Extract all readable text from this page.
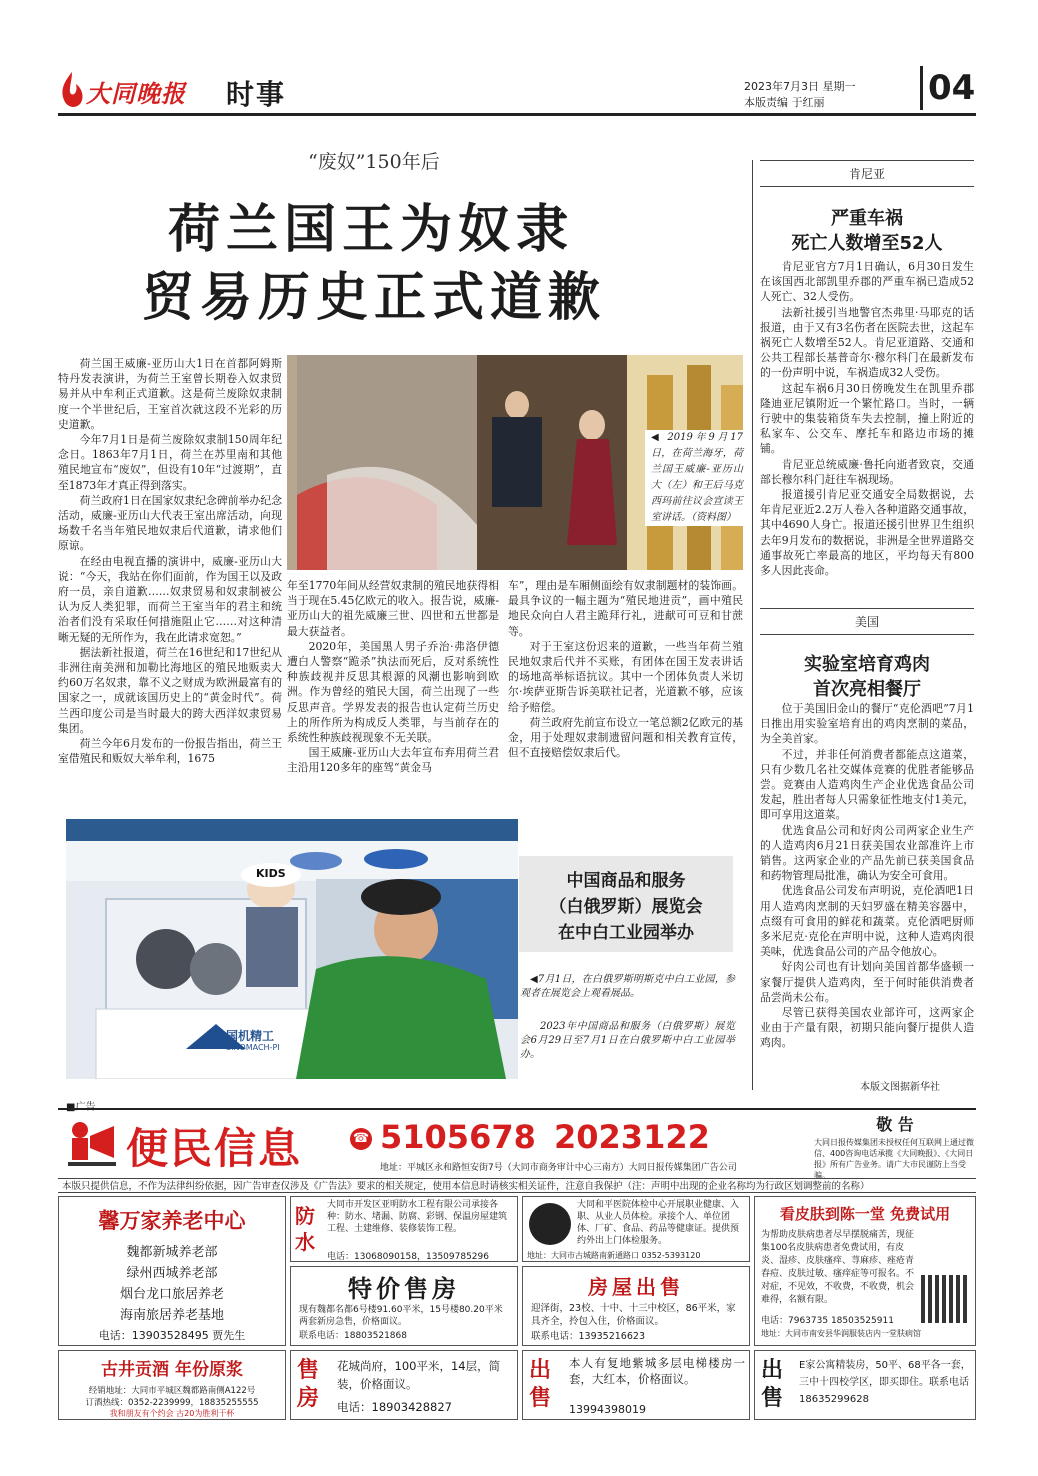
大同晚报 时事	2023年7月3日 星期一
本版责编 于红丽	04
“废奴”150年后
荷兰国王为奴隶
贸易历史正式道歉
◀ 2019年9月17日，在荷兰海牙，荷兰国王威廉-亚历山大（左）和王后马克西玛前往议会宣读王室讲话。（资料图）

荷兰国王威廉-亚历山大1日在首都阿姆斯特丹发表演讲，为荷兰王室曾长期卷入奴隶贸易并从中牟利正式道歉。这是荷兰废除奴隶制度一个半世纪后，王室首次就这段不光彩的历史道歉。

今年7月1日是荷兰废除奴隶制150周年纪念日。1863年7月1日，荷兰在苏里南和其他殖民地宣布“废奴”，但设有10年“过渡期”，直至1873年才真正得到落实。

荷兰政府1日在国家奴隶纪念碑前举办纪念活动，威廉-亚历山大代表王室出席活动，向现场数千名当年殖民地奴隶后代道歉，请求他们原谅。

在经由电视直播的演讲中，威廉-亚历山大说：“今天，我站在你们面前，作为国王以及政府一员，亲自道歉……奴隶贸易和奴隶制被公认为反人类犯罪，而荷兰王室当年的君主和统治者们没有采取任何措施阻止它……对这种清晰无疑的无所作为，我在此请求宽恕。”

据法新社报道，荷兰在16世纪和17世纪从非洲往南美洲和加勒比海地区的殖民地贩卖大约60万名奴隶，靠不义之财成为欧洲最富有的国家之一，成就该国历史上的“黄金时代”。荷兰西印度公司是当时最大的跨大西洋奴隶贸易集团。

荷兰今年6月发布的一份报告指出，荷兰王室借殖民和贩奴大举牟利，1675

年至1770年间从经营奴隶制的殖民地获得相当于现在5.45亿欧元的收入。报告说，威廉-亚历山大的祖先威廉三世、四世和五世都是最大获益者。

2020年，美国黑人男子乔治·弗洛伊德遭白人警察“跪杀”执法而死后，反对系统性种族歧视并反思其根源的风潮也影响到欧洲。作为曾经的殖民大国，荷兰出现了一些反思声音。学界发表的报告也认定荷兰历史上的所作所为构成反人类罪，与当前存在的系统性种族歧视现象不无关联。

国王威廉-亚历山大去年宣布弃用荷兰君主沿用120多年的座驾“黄金马

车”，理由是车厢侧面绘有奴隶制题材的装饰画。最具争议的一幅主题为“殖民地进贡”，画中殖民地民众向白人君主跪拜行礼，进献可可豆和甘蔗等。

对于王室这份迟来的道歉，一些当年荷兰殖民地奴隶后代并不买账，有团体在国王发表讲话的场地高举标语抗议。其中一个团体负责人米切尔·埃萨亚斯告诉美联社记者，光道歉不够，应该给予赔偿。

荷兰政府先前宣布设立一笔总额2亿欧元的基金，用于处理奴隶制遗留问题和相关教育宣传，但不直接赔偿奴隶后代。

国机精工
SINOMACH-PI
KIDS	中国商品和服务
（白俄罗斯）展览会
在中白工业园举办
◀7月1日，在白俄罗斯明斯克中白工业园，参观者在展览会上观看展品。
2023年中国商品和服务（白俄罗斯）展览会6月29日至7月1日在白俄罗斯中白工业园举办。
肯尼亚
严重车祸
死亡人数增至52人

肯尼亚官方7月1日确认，6月30日发生在该国西北部凯里乔郡的严重车祸已造成52人死亡、32人受伤。

法新社援引当地警官杰弗里·马耶克的话报道，由于又有3名伤者在医院去世，这起车祸死亡人数增至52人。肯尼亚道路、交通和公共工程部长基普奇尔·穆尔科门在最新发布的一份声明中说，车祸造成32人受伤。

这起车祸6月30日傍晚发生在凯里乔郡隆迪亚尼镇附近一个繁忙路口。当时，一辆行驶中的集装箱货车失去控制，撞上附近的私家车、公交车、摩托车和路边市场的摊铺。

肯尼亚总统威廉·鲁托向逝者致哀，交通部长穆尔科门赶往车祸现场。

报道援引肯尼亚交通安全局数据说，去年肯尼亚近2.2万人卷入各种道路交通事故，其中4690人身亡。报道还援引世界卫生组织去年9月发布的数据说，非洲是全世界道路交通事故死亡率最高的地区，平均每天有800多人因此丧命。

美国
实验室培育鸡肉
首次亮相餐厅

位于美国旧金山的餐厅“克伦酒吧”7月1日推出用实验室培育出的鸡肉烹制的菜品，为全美首家。

不过，并非任何消费者都能点这道菜，只有少数几名社交媒体竞赛的优胜者能够品尝。竞赛由人造鸡肉生产企业优选食品公司发起，胜出者每人只需象征性地支付1美元，即可享用这道菜。

优选食品公司和好肉公司两家企业生产的人造鸡肉6月21日获美国农业部准许上市销售。这两家企业的产品先前已获美国食品和药物管理局批准，确认为安全可食用。

优选食品公司发布声明说，克伦酒吧1日用人造鸡肉烹制的天妇罗盛在精美容器中，点缀有可食用的鲜花和蔬菜。克伦酒吧厨师多米尼克·克伦在声明中说，这种人造鸡肉很美味，优选食品公司的产品令他放心。

好肉公司也有计划向美国首都华盛顿一家餐厅提供人造鸡肉，至于何时能供消费者品尝尚未公布。

尽管已获得美国农业部许可，这两家企业由于产量有限，初期只能向餐厅提供人造鸡肉。

本版文图据新华社
便民信息	☎ 5105678 2023122
地址：平城区永和路恒安街7号（大同市商务审计中心三南方）大同日报传媒集团广告公司
敬 告
大同日报传媒集团未授权任何互联网上通过微信、400咨询电话承揽《大同晚报》、《大同日报》所有广告业务。请广大市民谨防上当受骗。
本版只提供信息，不作为法律纠纷依据，因广告审查仅涉及《广告法》要求的相关规定，使用本信息时请核实相关证件，注意自我保护（注：声明中出现的企业名称均为行政区划调整前的名称）
馨万家养老中心
魏都新城养老部
绿州西城养老部
烟台龙口旅居养老
海南旅居养老基地
电话：13903528495 贾先生
防
水
大同市开发区亚明防水工程有限公司承接各种：防水、堵漏、防腐、彩钢、保温房屋建筑工程、土建维修、装修装饰工程。
电话：13068090158，13509785296
大同和平医院体检中心开展职业健康、入职、从业人员体检。承接个人、单位团体、厂矿、食品、药品等健康证。提供预约外出上门体检服务。
地址：大同市古城路南新通路口 0352-5393120
看皮肤到陈一堂 免费试用
为帮助皮肤病患者尽早摆脱痛苦，现征集100名皮肤病患者免费试用，有皮炎、湿疹、皮肤瘙痒、荨麻疹、痤疮青春痘、皮肤过敏、瘙痒症等可报名。不对症，不见效，不收费，不收费，机会难得，名额有限。
电话：7963735 18503525911
地址：大同市南安县华润服装店内一堂肤病馆
特价售房
现有魏都名都6号楼91.60平米，15号楼80.20平米两套新房急售，价格面议。
联系电话：18803521868
房屋出售
迎泽街，23校、十中、十三中校区，86平米，家具齐全，拎包入住，价格面议。
联系电话：13935216623
古井贡酒 年份原浆
经销地址：大同市平城区魏都路南侧A122号
订酒热线：0352-2239999，18835255555
我和朋友有个约会 古20为胜利干杯
售
房
花城尚府，100平米，14层，简装，价格面议。
电话：18903428827
出
售
本人有复地紫城多层电梯楼房一套，大红本，价格面议。
13994398019
出
售
E家公寓精装房，50平、68平各一套，三中十四校学区，即买即住。联系电话18635299628
